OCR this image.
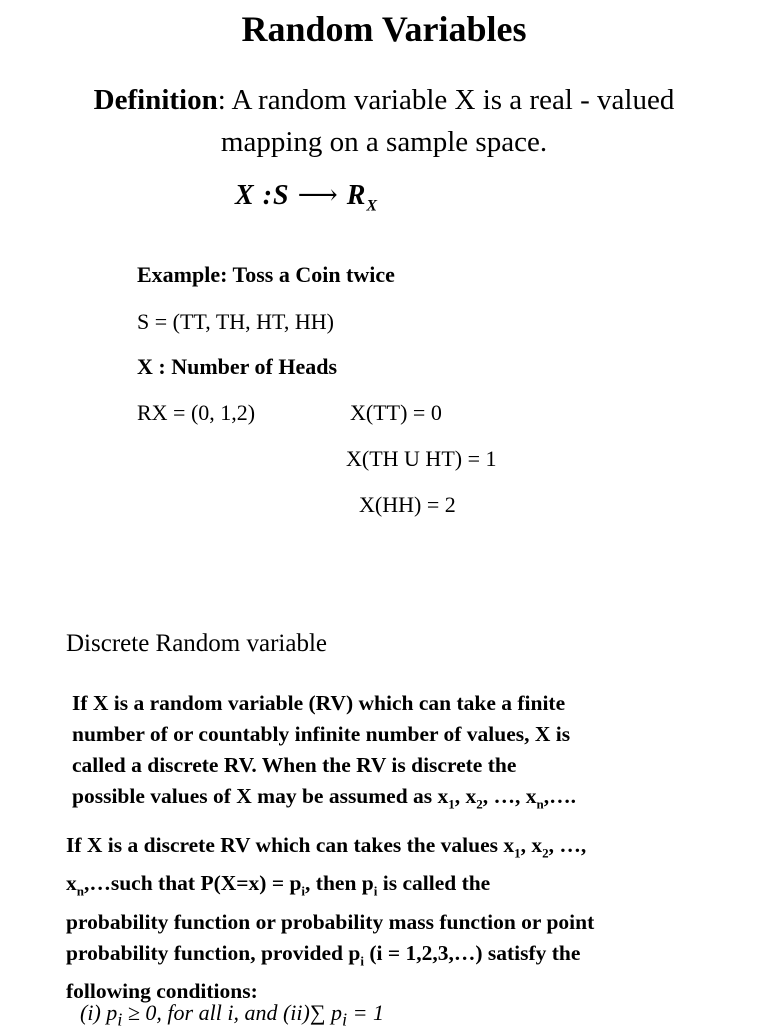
Random Variables
Definition: A random variable X is a real - valued
mapping on a sample space.
X :S ⟶ $R_X$
Example: Toss a Coin twice
S = (TT, TH, HT, HH)
X : Number of Heads
RX = (0, 1,2)	X(TT) = 0
X(TH U HT) = 1
X(HH) = 2
Discrete Random variable
If X is a random variable (RV) which can take a finite
number of or countably infinite number of values, X is
called a discrete RV. When the RV is discrete the
possible values of X may be assumed as $x_1$, $x_2$, …, $x_n,\dots$.
If X is a discrete RV which can takes the values $x_1$, $x_2$, …,
$x_n,\dots such$ that $P(X=x) = p_i$, then $p_i$ is called the
probability function or probability mass function or point
probability function, provided $p_i$ (i = 1,2,3,…) satisfy the
following conditions:
(i) $p_i \ge 0$, for all i, and (ii)∑ $p_i = 1$
